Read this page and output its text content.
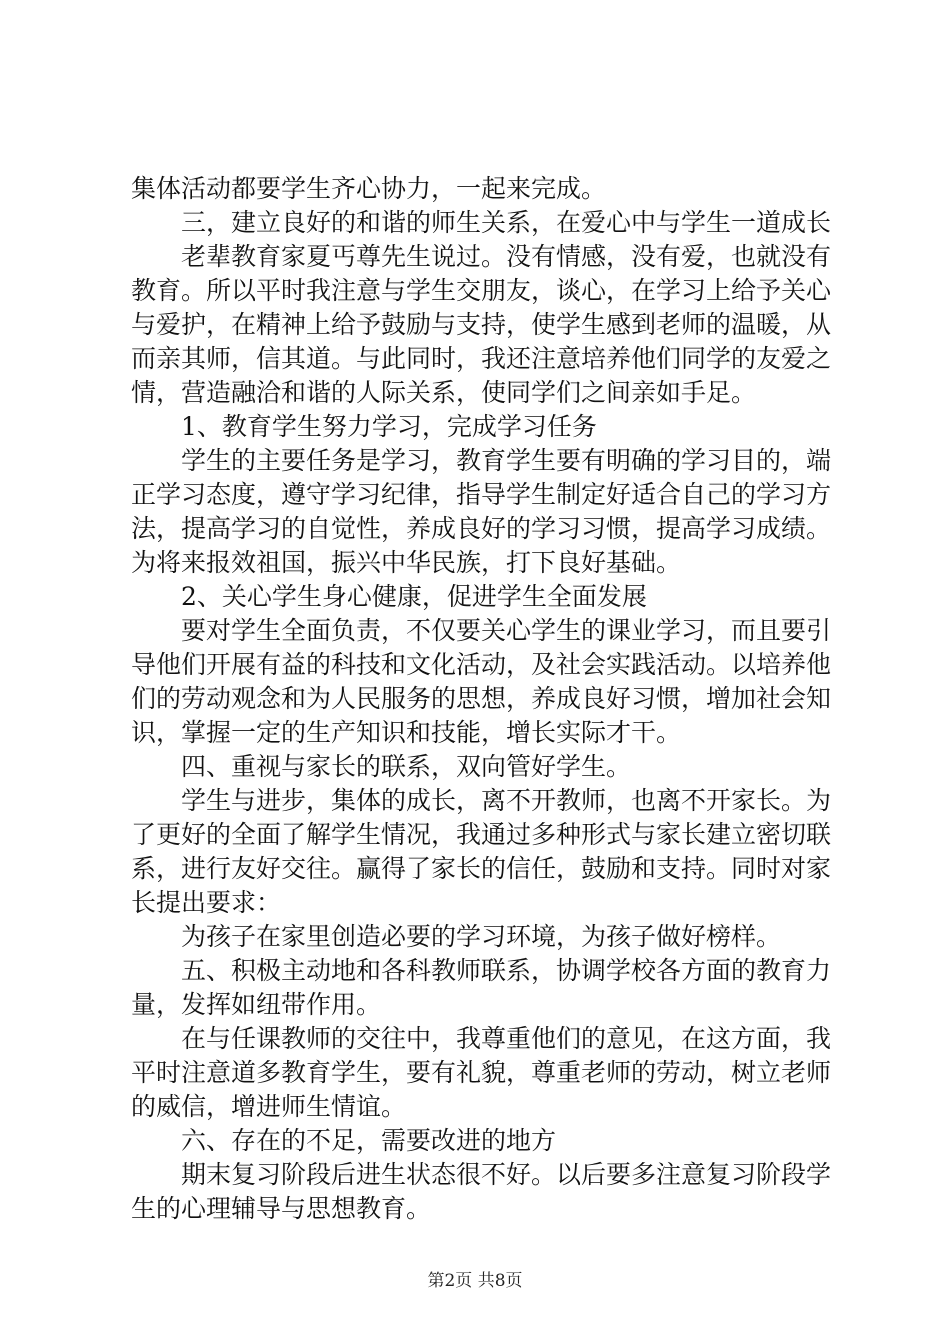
集体活动都要学生齐心协力，一起来完成。

三，建立良好的和谐的师生关系，在爱心中与学生一道成长

老辈教育家夏丐尊先生说过。没有情感，没有爱，也就没有教育。所以平时我注意与学生交朋友，谈心，在学习上给予关心与爱护，在精神上给予鼓励与支持，使学生感到老师的温暖，从而亲其师，信其道。与此同时，我还注意培养他们同学的友爱之情，营造融洽和谐的人际关系，使同学们之间亲如手足。

1、教育学生努力学习，完成学习任务

学生的主要任务是学习，教育学生要有明确的学习目的，端正学习态度，遵守学习纪律，指导学生制定好适合自己的学习方法，提高学习的自觉性，养成良好的学习习惯，提高学习成绩。为将来报效祖国，振兴中华民族，打下良好基础。

2、关心学生身心健康，促进学生全面发展

要对学生全面负责，不仅要关心学生的课业学习，而且要引导他们开展有益的科技和文化活动，及社会实践活动。以培养他们的劳动观念和为人民服务的思想，养成良好习惯，增加社会知识，掌握一定的生产知识和技能，增长实际才干。

四、重视与家长的联系，双向管好学生。

学生与进步，集体的成长，离不开教师，也离不开家长。为了更好的全面了解学生情况，我通过多种形式与家长建立密切联系，进行友好交往。赢得了家长的信任，鼓励和支持。同时对家长提出要求：

为孩子在家里创造必要的学习环境，为孩子做好榜样。

五、积极主动地和各科教师联系，协调学校各方面的教育力量，发挥如纽带作用。

在与任课教师的交往中，我尊重他们的意见，在这方面，我平时注意道多教育学生，要有礼貌，尊重老师的劳动，树立老师的威信，增进师生情谊。

六、存在的不足，需要改进的地方

期末复习阶段后进生状态很不好。以后要多注意复习阶段学生的心理辅导与思想教育。

第2页 共8页
